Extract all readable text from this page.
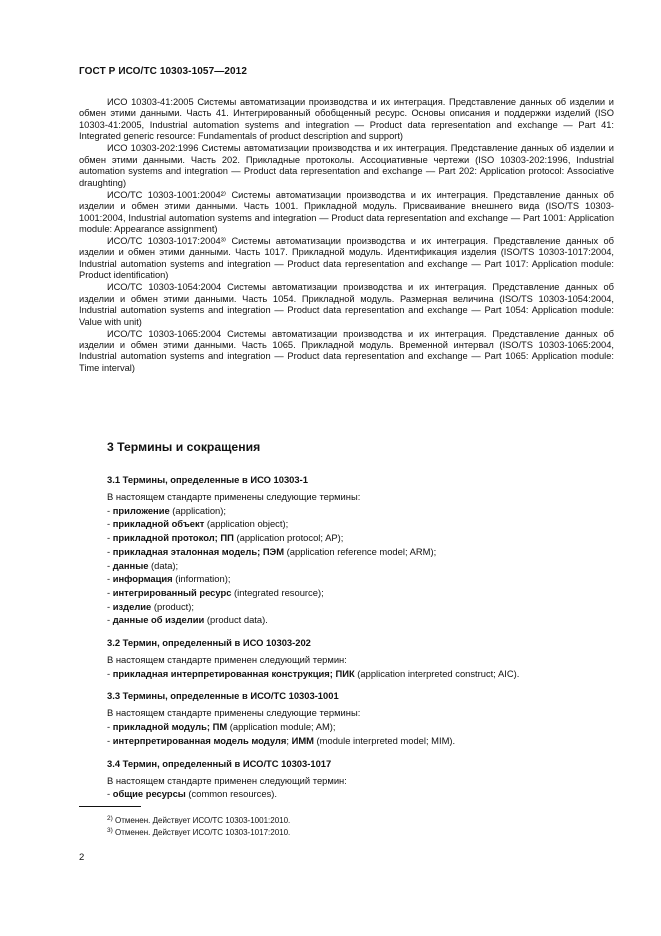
ГОСТ Р ИСО/ТС 10303-1057—2012

ИСО 10303-41:2005 Системы автоматизации производства и их интеграция. Представление данных об изделии и обмен этими данными. Часть 41. Интегрированный обобщенный ресурс. Основы описания и поддержки изделий (ISO 10303-41:2005, Industrial automation systems and integration — Product data representation and exchange — Part 41: Integrated generic resource: Fundamentals of product description and support)

ИСО 10303-202:1996 Системы автоматизации производства и их интеграция. Представление данных об изделии и обмен этими данными. Часть 202. Прикладные протоколы. Ассоциативные чертежи (ISO 10303-202:1996, Industrial automation systems and integration — Product data representation and exchange — Part 202: Application protocol: Associative draughting)

ИСО/ТС 10303-1001:2004²⁾ Системы автоматизации производства и их интеграция. Представление данных об изделии и обмен этими данными. Часть 1001. Прикладной модуль. Присваивание внешнего вида (ISO/TS 10303-1001:2004, Industrial automation systems and integration — Product data representation and exchange — Part 1001: Application module: Appearance assignment)

ИСО/ТС 10303-1017:2004³⁾ Системы автоматизации производства и их интеграция. Представление данных об изделии и обмен этими данными. Часть 1017. Прикладной модуль. Идентификация изделия (ISO/TS 10303-1017:2004, Industrial automation systems and integration — Product data representation and exchange — Part 1017: Application module: Product identification)

ИСО/ТС 10303-1054:2004 Системы автоматизации производства и их интеграция. Представление данных об изделии и обмен этими данными. Часть 1054. Прикладной модуль. Размерная величина (ISO/TS 10303-1054:2004, Industrial automation systems and integration — Product data representation and exchange — Part 1054: Application module: Value with unit)

ИСО/ТС 10303-1065:2004 Системы автоматизации производства и их интеграция. Представление данных об изделии и обмен этими данными. Часть 1065. Прикладной модуль. Временной интервал (ISO/TS 10303-1065:2004, Industrial automation systems and integration — Product data representation and exchange — Part 1065: Application module: Time interval)

3 Термины и сокращения
3.1 Термины, определенные в ИСО 10303-1
В настоящем стандарте применены следующие термины:
- приложение (application);
- прикладной объект (application object);
- прикладной протокол; ПП (application protocol; AP);
- прикладная эталонная модель; ПЭМ (application reference model; ARM);
- данные (data);
- информация (information);
- интегрированный ресурс (integrated resource);
- изделие (product);
- данные об изделии (product data).
3.2 Термин, определенный в ИСО 10303-202
В настоящем стандарте применен следующий термин:
- прикладная интерпретированная конструкция; ПИК (application interpreted construct; AIC).
3.3 Термины, определенные в ИСО/ТС 10303-1001
В настоящем стандарте применены следующие термины:
- прикладной модуль; ПМ (application module; AM);
- интерпретированная модель модуля; ИММ (module interpreted model; MIM).
3.4 Термин, определенный в ИСО/ТС 10303-1017
В настоящем стандарте применен следующий термин:
- общие ресурсы (common resources).
$^{2)}$ Отменен. Действует ИСО/ТС 10303-1001:2010.
$^{3)}$ Отменен. Действует ИСО/ТС 10303-1017:2010.
2
